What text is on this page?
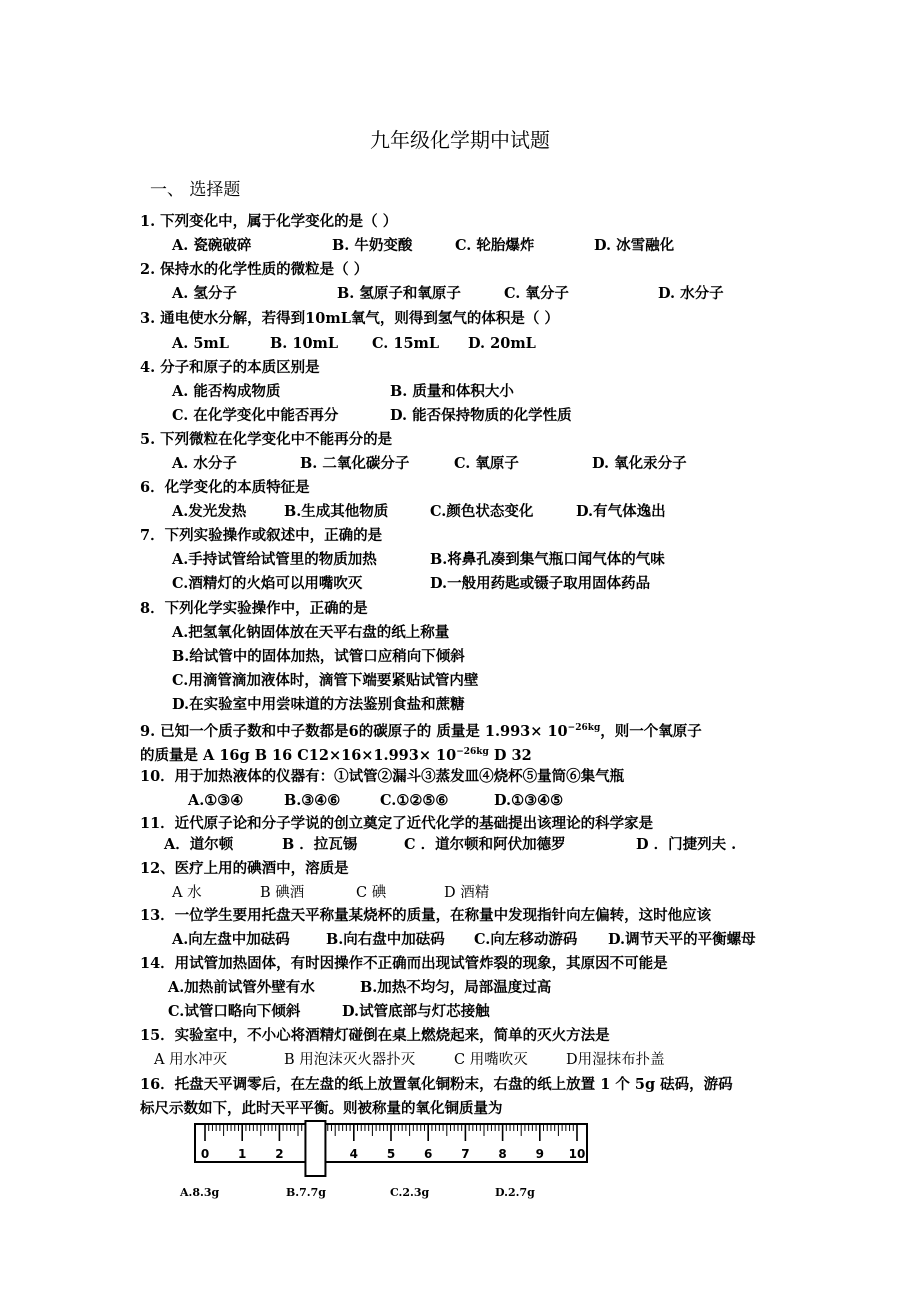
九年级化学期中试题
一、 选择题
1. 下列变化中，属于化学变化的是（ ）
A. 瓷碗破碎	B. 牛奶变酸	C. 轮胎爆炸	D. 冰雪融化
2. 保持水的化学性质的微粒是（ ）
A. 氢分子	B. 氢原子和氧原子	C. 氧分子	D. 水分子
3. 通电使水分解，若得到10mL氧气，则得到氢气的体积是（ ）
A. 5mL	B. 10mL C. 15mL D. 20mL
4. 分子和原子的本质区别是
A. 能否构成物质	B. 质量和体积大小
C. 在化学变化中能否再分	D. 能否保持物质的化学性质
5. 下列微粒在化学变化中不能再分的是
A. 水分子	B. 二氧化碳分子	C. 氧原子	D. 氧化汞分子
6．化学变化的本质特征是
A.发光发热	B.生成其他物质	C.颜色状态变化	D.有气体逸出
7．下列实验操作或叙述中，正确的是
A.手持试管给试管里的物质加热	B.将鼻孔凑到集气瓶口闻气体的气味
C.酒精灯的火焰可以用嘴吹灭	D.一般用药匙或镊子取用固体药品
8．下列化学实验操作中，正确的是
A.把氢氧化钠固体放在天平右盘的纸上称量
B.给试管中的固体加热，试管口应稍向下倾斜
C.用滴管滴加液体时，滴管下端要紧贴试管内壁
D.在实验室中用尝味道的方法鉴别食盐和蔗糖
9. 已知一个质子数和中子数都是6的碳原子的 质量是 $1.993\times 10^{-26kg}$，则一个氧原子
的质量是 A 16g B 16 $C12\times 16\times 1.993\times 10^{-26kg}$ D 32
10．用于加热液体的仪器有：①试管②漏斗③蒸发皿④烧杯⑤量筒⑥集气瓶
A.①③④	B.③④⑥	C.①②⑤⑥	D.①③④⑤
11．近代原子论和分子学说的创立奠定了近代化学的基础提出该理论的科学家是
A．道尔顿	B ．拉瓦锡	C ．道尔顿和阿伏加德罗	D ．门捷列夫 .
12、医疗上用的碘酒中，溶质是
A 水	B 碘酒	C 碘	D 酒精
13．一位学生要用托盘天平称量某烧杯的质量，在称量中发现指针向左偏转，这时他应该
A.向左盘中加砝码 B.向右盘中加砝码 C.向左移动游码 D.调节天平的平衡螺母
14．用试管加热固体，有时因操作不正确而出现试管炸裂的现象，其原因不可能是
A.加热前试管外壁有水	B.加热不均匀，局部温度过高
C.试管口略向下倾斜	D.试管底部与灯芯接触
15．实验室中，不小心将酒精灯碰倒在桌上燃烧起来，简单的灭火方法是
A 用水冲灭	B 用泡沫灭火器扑灭	C 用嘴吹灭	D用湿抹布扑盖
16．托盘天平调零后，在左盘的纸上放置氧化铜粉末，右盘的纸上放置 1 个 5g 砝码，游码
标尺示数如下，此时天平平衡。则被称量的氧化铜质量为
0 1 2	4 5 6 7 8 9 10
A.8.3g	B.7.7g	C.2.3g	D.2.7g
